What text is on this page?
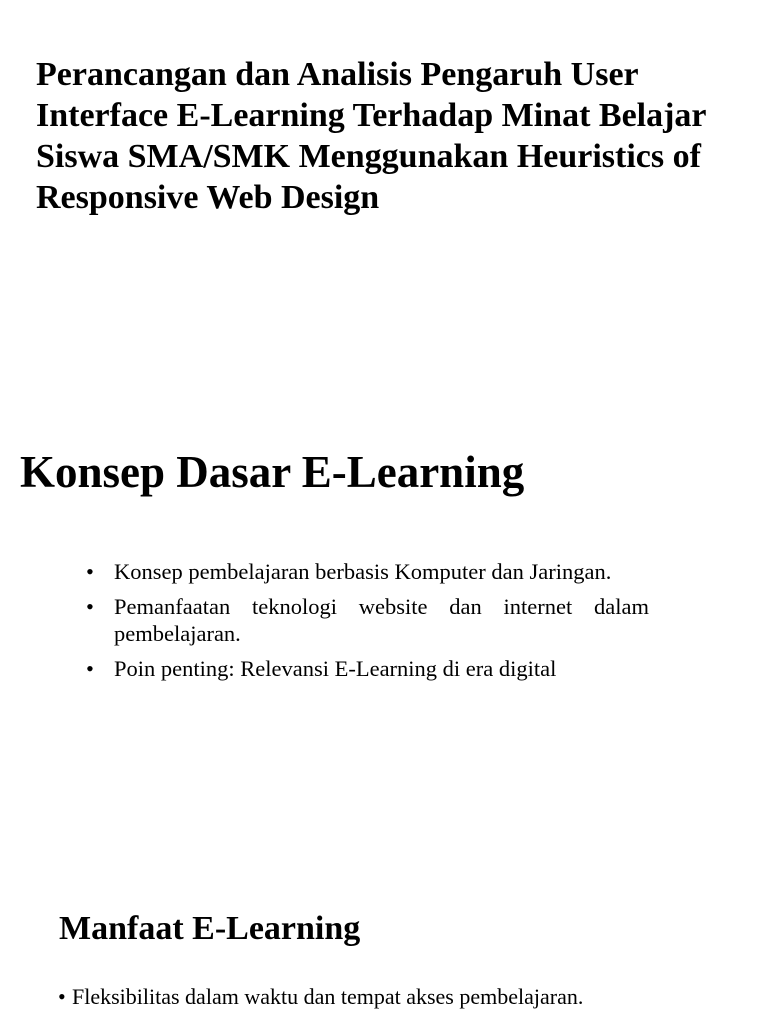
Perancangan dan Analisis Pengaruh User Interface E-Learning Terhadap Minat Belajar Siswa SMA/SMK Menggunakan Heuristics of Responsive Web Design
Konsep Dasar E-Learning
• Konsep pembelajaran berbasis Komputer dan Jaringan.
• Pemanfaatan teknologi website dan internet dalam pembelajaran.
• Poin penting: Relevansi E-Learning di era digital
Manfaat E-Learning
• Fleksibilitas dalam waktu dan tempat akses pembelajaran.
